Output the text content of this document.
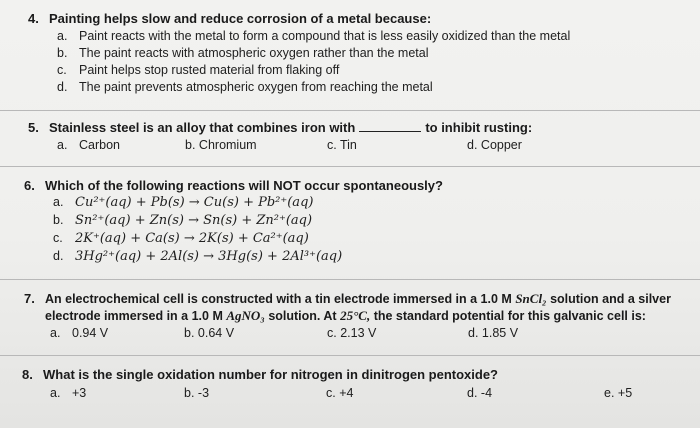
4. Painting helps slow and reduce corrosion of a metal because:
a. Paint reacts with the metal to form a compound that is less easily oxidized than the metal
b. The paint reacts with atmospheric oxygen rather than the metal
c. Paint helps stop rusted material from flaking off
d. The paint prevents atmospheric oxygen from reaching the metal
5. Stainless steel is an alloy that combines iron with	to inhibit rusting:
a. Carbon	b. Chromium	c. Tin	d. Copper
6. Which of the following reactions will NOT occur spontaneously?
a. Cu²⁺(aq) + Pb(s) → Cu(s) + Pb²⁺(aq)
b. Sn²⁺(aq) + Zn(s) → Sn(s) + Zn²⁺(aq)
c. 2K⁺(aq) + Ca(s) → 2K(s) + Ca²⁺(aq)
d. 3Hg²⁺(aq) + 2Al(s) → 3Hg(s) + 2Al³⁺(aq)
7. An electrochemical cell is constructed with a tin electrode immersed in a 1.0 M SnCl₂ solution and a silver
electrode immersed in a 1.0 M AgNO₃ solution. At 25°C, the standard potential for this galvanic cell is:
a. 0.94 V	b. 0.64 V	c. 2.13 V	d. 1.85 V
8. What is the single oxidation number for nitrogen in dinitrogen pentoxide?
a. +3	b. -3	c. +4	d. -4	e. +5
